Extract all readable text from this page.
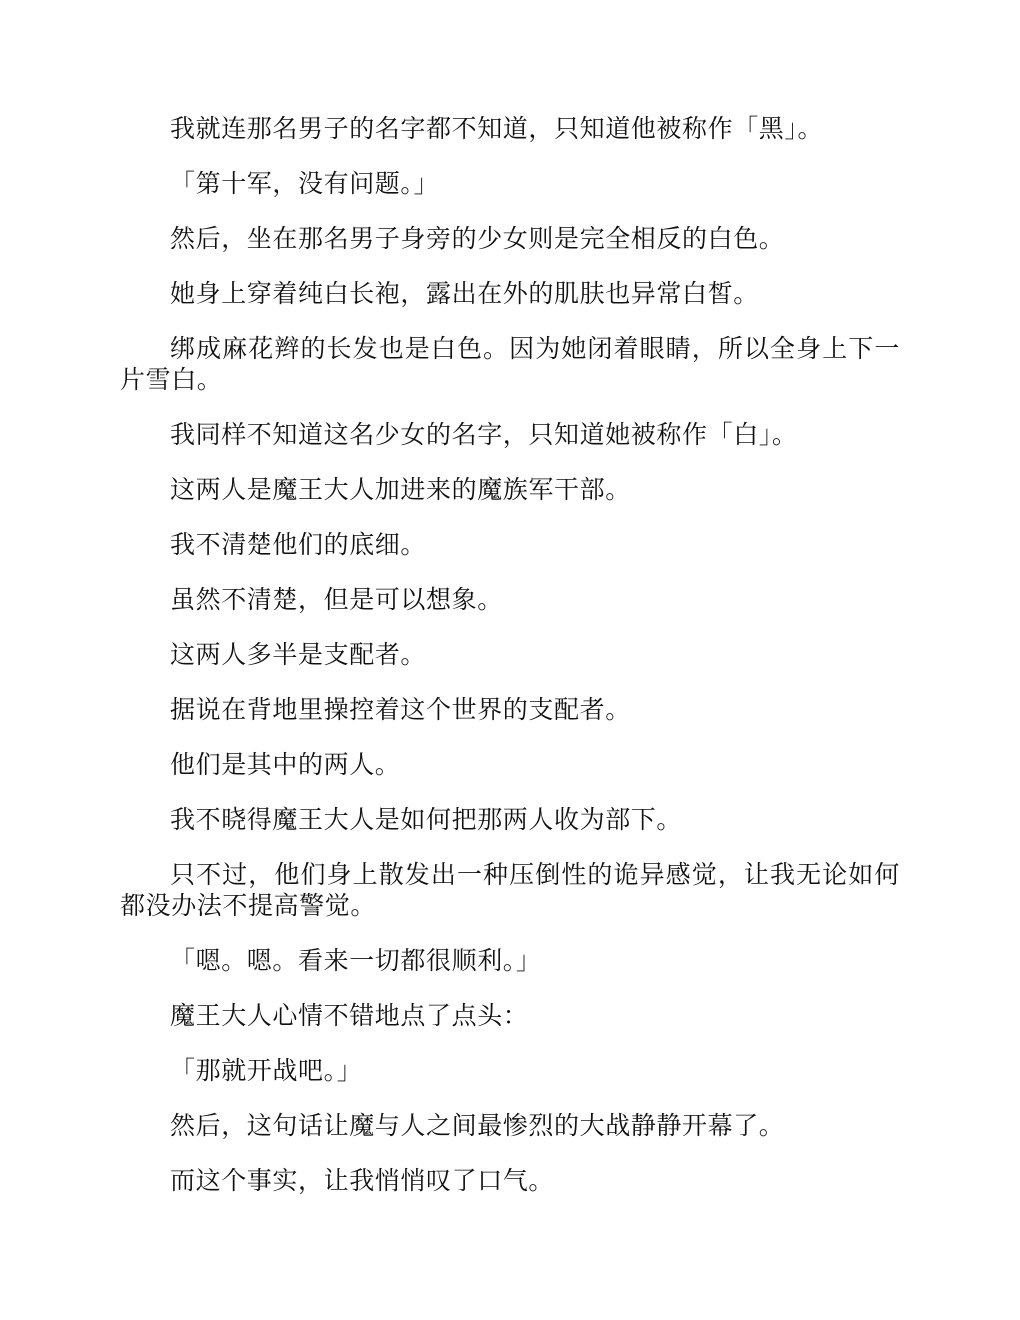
我就连那名男子的名字都不知道，只知道他被称作「黑」。

「第十军，没有问题。」

然后，坐在那名男子身旁的少女则是完全相反的白色。

她身上穿着纯白长袍，露出在外的肌肤也异常白皙。

绑成麻花辫的长发也是白色。因为她闭着眼睛，所以全身上下一片雪白。

我同样不知道这名少女的名字，只知道她被称作「白」。

这两人是魔王大人加进来的魔族军干部。

我不清楚他们的底细。

虽然不清楚，但是可以想象。

这两人多半是支配者。

据说在背地里操控着这个世界的支配者。

他们是其中的两人。

我不晓得魔王大人是如何把那两人收为部下。

只不过，他们身上散发出一种压倒性的诡异感觉，让我无论如何都没办法不提高警觉。

「嗯。嗯。看来一切都很顺利。」

魔王大人心情不错地点了点头：

「那就开战吧。」

然后，这句话让魔与人之间最惨烈的大战静静开幕了。

而这个事实，让我悄悄叹了口气。
